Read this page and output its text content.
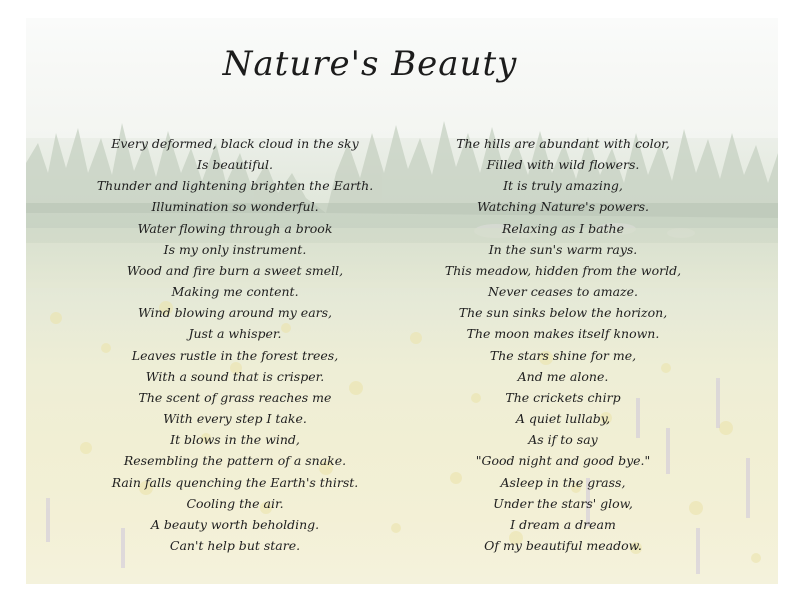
Nature's Beauty
Every deformed, black cloud in the sky
Is beautiful.
Thunder and lightening brighten the Earth.
Illumination so wonderful.
Water flowing through a brook
Is my only instrument.
Wood and fire burn a sweet smell,
Making me content.
Wind blowing around my ears,
Just a whisper.
Leaves rustle in the forest trees,
With a sound that is crisper.
The scent of grass reaches me
With every step I take.
It blows in the wind,
Resembling the pattern of a snake.
Rain falls quenching the Earth's thirst.
Cooling the air.
A beauty worth beholding.
Can't help but stare.
The hills are abundant with color,
Filled with wild flowers.
It is truly amazing,
Watching Nature's powers.
Relaxing as I bathe
In the sun's warm rays.
This meadow, hidden from the world,
Never ceases to amaze.
The sun sinks below the horizon,
The moon makes itself known.
The stars shine for me,
And me alone.
The crickets chirp
A quiet lullaby,
As if to say
"Good night and good bye."
Asleep in the grass,
Under the stars' glow,
I dream a dream
Of my beautiful meadow.
